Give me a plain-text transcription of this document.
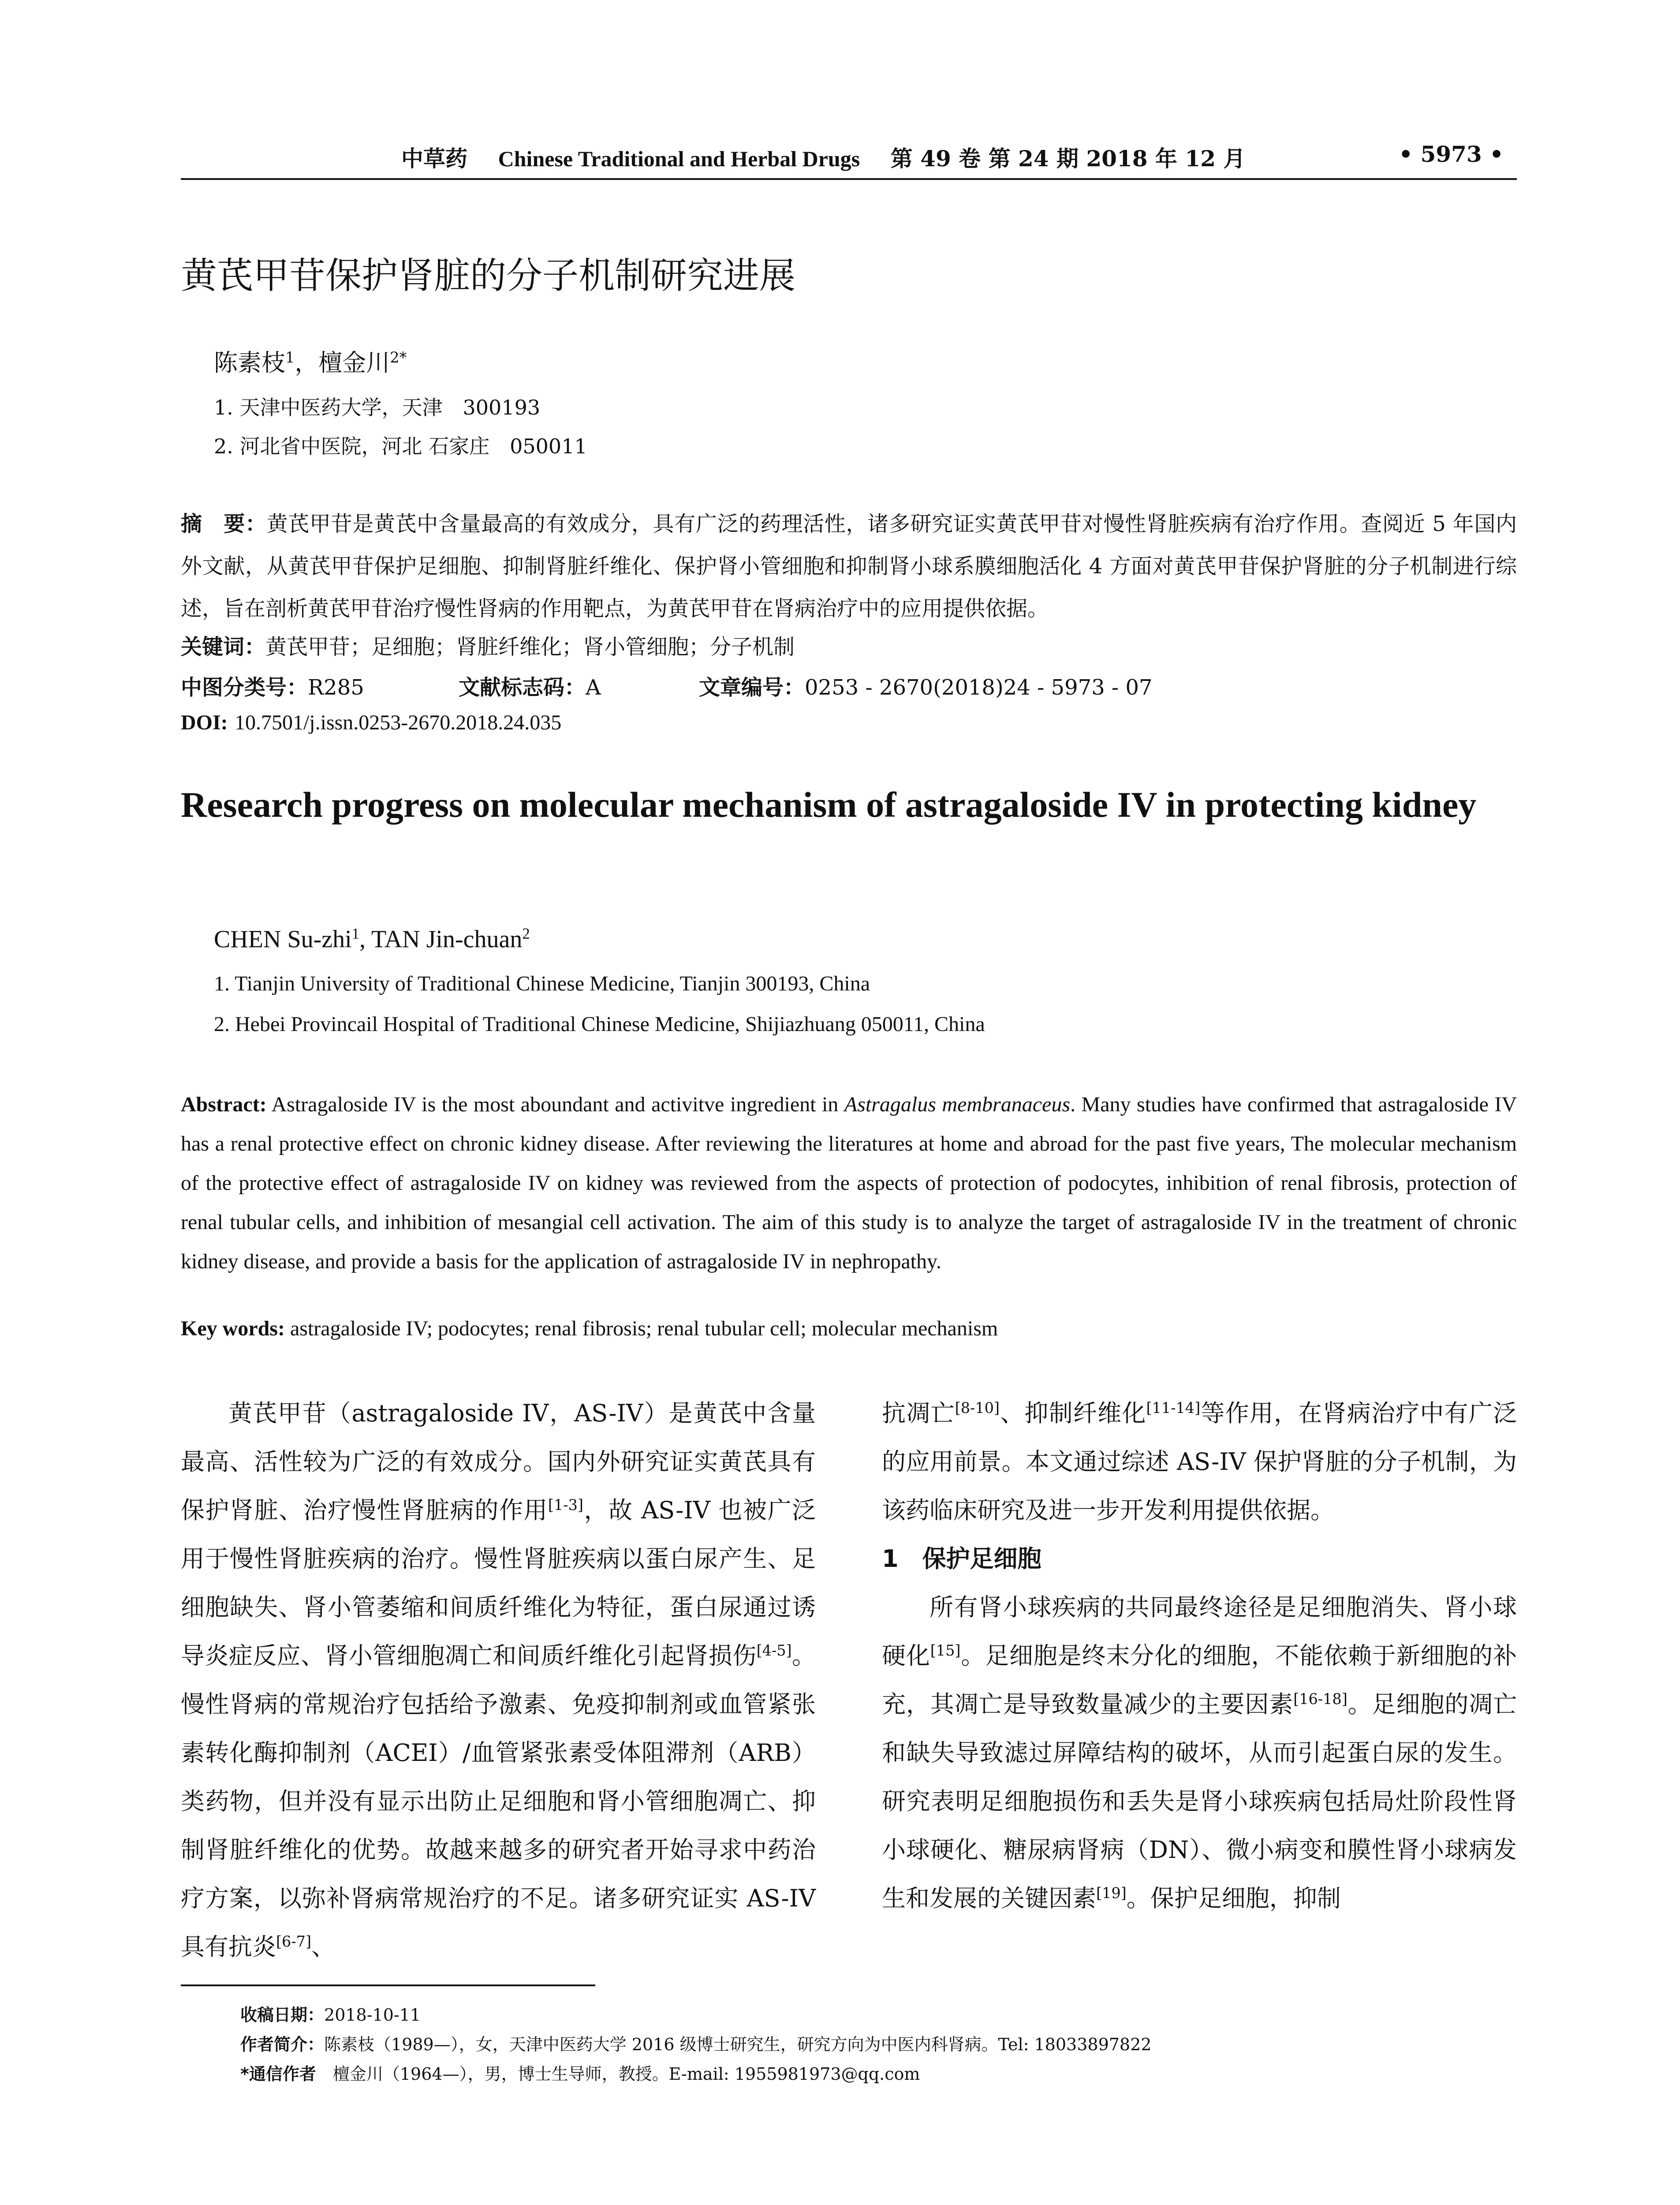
中草药 Chinese Traditional and Herbal Drugs 第 49 卷 第 24 期 2018 年 12 月	• 5973 •
黄芪甲苷保护肾脏的分子机制研究进展
陈素枝$^1$，檀金川$^{2*}$
1. 天津中医药大学，天津　300193
2. 河北省中医院，河北 石家庄　050011
摘　要：黄芪甲苷是黄芪中含量最高的有效成分，具有广泛的药理活性，诸多研究证实黄芪甲苷对慢性肾脏疾病有治疗作用。查阅近 5 年国内外文献，从黄芪甲苷保护足细胞、抑制肾脏纤维化、保护肾小管细胞和抑制肾小球系膜细胞活化 4 方面对黄芪甲苷保护肾脏的分子机制进行综述，旨在剖析黄芪甲苷治疗慢性肾病的作用靶点，为黄芪甲苷在肾病治疗中的应用提供依据。
关键词：黄芪甲苷；足细胞；肾脏纤维化；肾小管细胞；分子机制
中图分类号：R285	文献标志码：A	文章编号：0253 - 2670(2018)24 - 5973 - 07
DOI: 10.7501/j.issn.0253-2670.2018.24.035
Research progress on molecular mechanism of astragaloside IV in protecting kidney
CHEN Su-zhi$^1$, TAN Jin-chuan$^2$
1. Tianjin University of Traditional Chinese Medicine, Tianjin 300193, China
2. Hebei Provincail Hospital of Traditional Chinese Medicine, Shijiazhuang 050011, China
Abstract: Astragaloside IV is the most aboundant and activitve ingredient in Astragalus membranaceus. Many studies have confirmed that astragaloside IV has a renal protective effect on chronic kidney disease. After reviewing the literatures at home and abroad for the past five years, The molecular mechanism of the protective effect of astragaloside IV on kidney was reviewed from the aspects of protection of podocytes, inhibition of renal fibrosis, protection of renal tubular cells, and inhibition of mesangial cell activation. The aim of this study is to analyze the target of astragaloside IV in the treatment of chronic kidney disease, and provide a basis for the application of astragaloside IV in nephropathy.
Key words: astragaloside IV; podocytes; renal fibrosis; renal tubular cell; molecular mechanism
黄芪甲苷（astragaloside IV，AS-IV）是黄芪中含量最高、活性较为广泛的有效成分。国内外研究证实黄芪具有保护肾脏、治疗慢性肾脏病的作用[1-3]，故 AS-IV 也被广泛用于慢性肾脏疾病的治疗。慢性肾脏疾病以蛋白尿产生、足细胞缺失、肾小管萎缩和间质纤维化为特征，蛋白尿通过诱导炎症反应、肾小管细胞凋亡和间质纤维化引起肾损伤[4-5]。慢性肾病的常规治疗包括给予激素、免疫抑制剂或血管紧张素转化酶抑制剂（ACEI）/血管紧张素受体阻滞剂（ARB）类药物，但并没有显示出防止足细胞和肾小管细胞凋亡、抑制肾脏纤维化的优势。故越来越多的研究者开始寻求中药治疗方案，以弥补肾病常规治疗的不足。诸多研究证实 AS-IV 具有抗炎[6-7]、
抗凋亡[8-10]、抑制纤维化[11-14]等作用，在肾病治疗中有广泛的应用前景。本文通过综述 AS-IV 保护肾脏的分子机制，为该药临床研究及进一步开发利用提供依据。
1　保护足细胞
所有肾小球疾病的共同最终途径是足细胞消失、肾小球硬化[15]。足细胞是终末分化的细胞，不能依赖于新细胞的补充，其凋亡是导致数量减少的主要因素[16-18]。足细胞的凋亡和缺失导致滤过屏障结构的破坏，从而引起蛋白尿的发生。研究表明足细胞损伤和丢失是肾小球疾病包括局灶阶段性肾小球硬化、糖尿病肾病（DN）、微小病变和膜性肾小球病发生和发展的关键因素[19]。保护足细胞，抑制
收稿日期：2018-10-11
作者简介：陈素枝（1989—），女，天津中医药大学 2016 级博士研究生，研究方向为中医内科肾病。Tel: 18033897822
*通信作者　檀金川（1964—），男，博士生导师，教授。E-mail: 1955981973@qq.com
